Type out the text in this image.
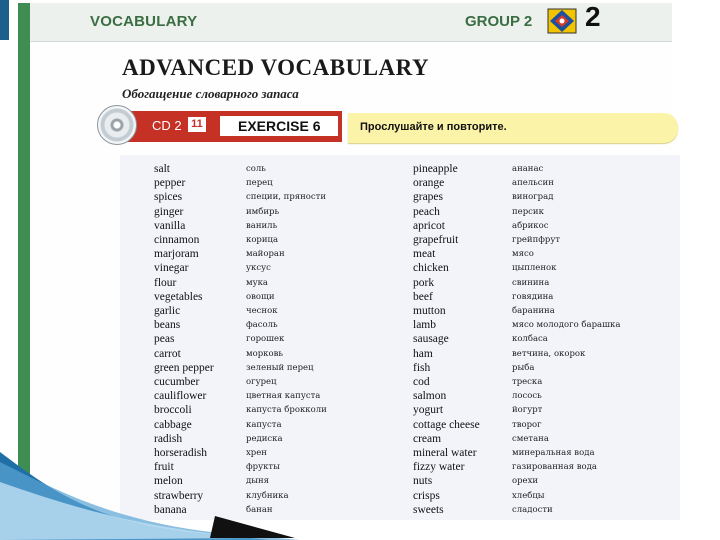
VOCABULARY	GROUP 2 2
ADVANCED VOCABULARY
Обогащение словарного запаса
CD 2 11	EXERCISE 6	Прослушайте и повторите.
salt	соль
pepper	перец
spices	специи, пряности
ginger	имбирь
vanilla	ваниль
cinnamon	корица
marjoram	майоран
vinegar	уксус
flour	мука
vegetables	овощи
garlic	чеснок
beans	фасоль
peas	горошек
carrot	морковь
green pepper	зеленый перец
cucumber	огурец
cauliflower	цветная капуста
broccoli	капуста брокколи
cabbage	капуста
radish	редиска
horseradish	хрен
fruit	фрукты
melon	дыня
strawberry	клубника
banana	банан
pineapple	ананас
orange	апельсин
grapes	виноград
peach	персик
apricot	абрикос
grapefruit	грейпфрут
meat	мясо
chicken	цыпленок
pork	свинина
beef	говядина
mutton	баранина
lamb	мясо молодого барашка
sausage	колбаса
ham	ветчина, окорок
fish	рыба
cod	треска
salmon	лосось
yogurt	йогурт
cottage cheese	творог
cream	сметана
mineral water	минеральная вода
fizzy water	газированная вода
nuts	орехи
crisps	хлебцы
sweets	сладости
